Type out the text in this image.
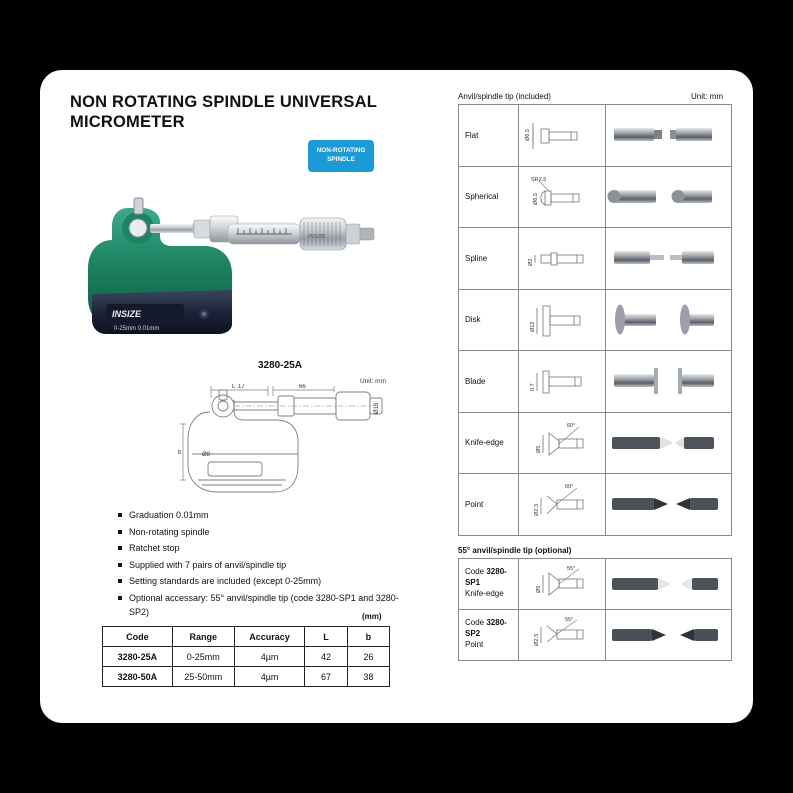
NON ROTATING SPINDLE UNIVERSAL MICROMETER
NON-ROTATING
SPINDLE
INSIZE
0-25mm 0.01mm
INSIZE
3280-25A
Unit: mm
L 17	66
Ø8
b
Ø16
Graduation 0.01mm
Non-rotating spindle
Ratchet stop
Supplied with 7 pairs of anvil/spindle tip
Setting standards are included (except 0-25mm)
Optional accessary: 55° anvil/spindle tip (code 3280-SP1 and 3280-SP2)	(mm)
Code	Range	Accuracy	L	b
3280-25A	0-25mm	4µm	42	26
3280-50A	25-50mm	4µm	67	38
Anvil/spindle tip (included)	Unit: mm
Flat	Ø6.5

Spherical	SR2.5
Ø6.5

Spline	Ø2

Disk	Ø12

Blade	0.7

Knife-edge	Ø5
60°

Point	Ø2.3
60°

55° anvil/spindle tip (optional)
Code 3280-SP1
Knife-edge	Ø5
55°

Code 3280-SP2
Point	Ø2.3
55°
